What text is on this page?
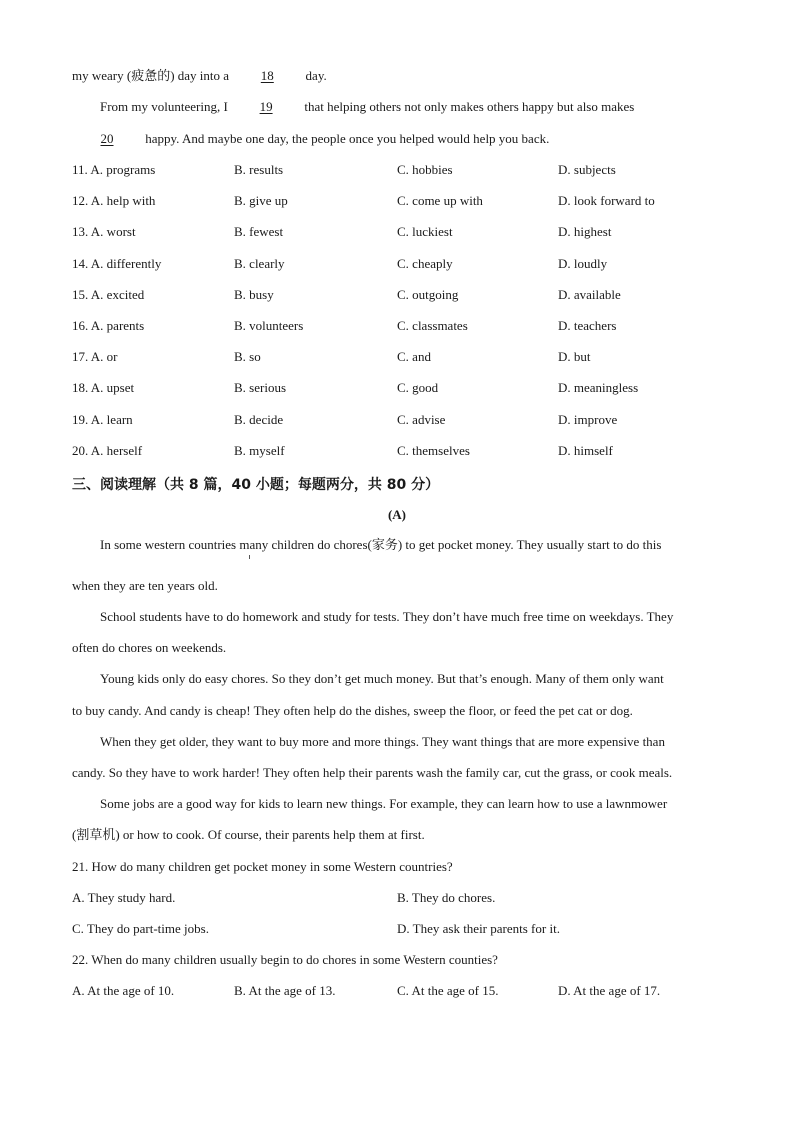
my weary (疲惫的) day into a 18 day.
From my volunteering, I 19 that helping others not only makes others happy but also makes
20 happy. And maybe one day, the people once you helped would help you back.
11. A. programs	B. results	C. hobbies	D. subjects
12. A. help with	B. give up	C. come up with	D. look forward to
13. A. worst	B. fewest	C. luckiest	D. highest
14. A. differently	B. clearly	C. cheaply	D. loudly
15. A. excited	B. busy	C. outgoing	D. available
16. A. parents	B. volunteers	C. classmates	D. teachers
17. A. or	B. so	C. and	D. but
18. A. upset	B. serious	C. good	D. meaningless
19. A. learn	B. decide	C. advise	D. improve
20. A. herself	B. myself	C. themselves	D. himself
三、阅读理解（共 8 篇，40 小题；每题两分，共 80 分）
(A)
In some western countries many children do chores(家务) to get pocket money. They usually start to do this
when they are ten years old.
School students have to do homework and study for tests. They don’t have much free time on weekdays. They
often do chores on weekends.
Young kids only do easy chores. So they don’t get much money. But that’s enough. Many of them only want
to buy candy. And candy is cheap! They often help do the dishes, sweep the floor, or feed the pet cat or dog.
When they get older, they want to buy more and more things. They want things that are more expensive than
candy. So they have to work harder! They often help their parents wash the family car, cut the grass, or cook meals.
Some jobs are a good way for kids to learn new things. For example, they can learn how to use a lawnmower
(割草机) or how to cook. Of course, their parents help them at first.
21. How do many children get pocket money in some Western countries?
A. They study hard.	B. They do chores.
C. They do part-time jobs.	D. They ask their parents for it.
22. When do many children usually begin to do chores in some Western counties?
A. At the age of 10.	B. At the age of 13.	C. At the age of 15.	D. At the age of 17.
